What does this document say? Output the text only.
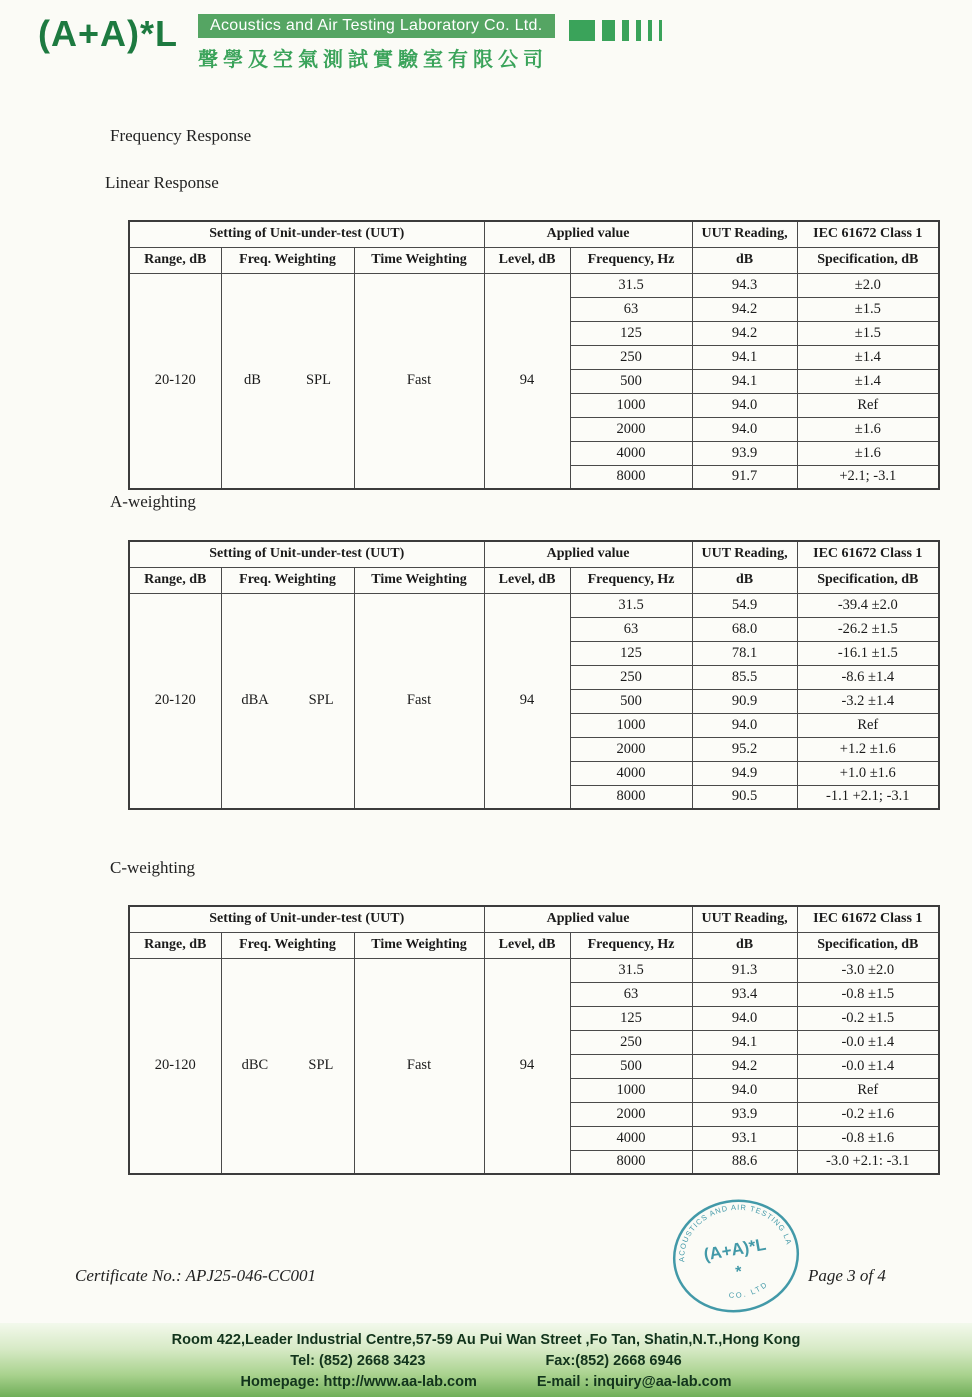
(A+A)*L	Acoustics and Air Testing Laboratory Co. Ltd.
聲學及空氣測試實驗室有限公司
Frequency Response
Linear Response
A-weighting
C-weighting
Setting of Unit-under-test (UUT)			Applied value		UUT Reading,	IEC 61672 Class 1
Range, dB	Freq. Weighting	Time Weighting	Level, dB	Frequency, Hz	dB	Specification, dB
20-120	dB SPL	Fast	94	31.5	94.3	±2.0
				63	94.2	±1.5
				125	94.2	±1.5
				250	94.1	±1.4
				500	94.1	±1.4
				1000	94.0	Ref
				2000	94.0	±1.6
				4000	93.9	±1.6
				8000	91.7	+2.1; -3.1
Setting of Unit-under-test (UUT)			Applied value		UUT Reading,	IEC 61672 Class 1
Range, dB	Freq. Weighting	Time Weighting	Level, dB	Frequency, Hz	dB	Specification, dB
20-120	dBA SPL	Fast	94	31.5	54.9	-39.4 ±2.0
				63	68.0	-26.2 ±1.5
				125	78.1	-16.1 ±1.5
				250	85.5	-8.6 ±1.4
				500	90.9	-3.2 ±1.4
				1000	94.0	Ref
				2000	95.2	+1.2 ±1.6
				4000	94.9	+1.0 ±1.6
				8000	90.5	-1.1 +2.1; -3.1
Setting of Unit-under-test (UUT)			Applied value		UUT Reading,	IEC 61672 Class 1
Range, dB	Freq. Weighting	Time Weighting	Level, dB	Frequency, Hz	dB	Specification, dB
20-120	dBC SPL	Fast	94	31.5	91.3	-3.0 ±2.0
				63	93.4	-0.8 ±1.5
				125	94.0	-0.2 ±1.5
				250	94.1	-0.0 ±1.4
				500	94.2	-0.0 ±1.4
				1000	94.0	Ref
				2000	93.9	-0.2 ±1.6
				4000	93.1	-0.8 ±1.6
				8000	88.6	-3.0 +2.1: -3.1
Certificate No.: APJ25-046-CC001
ACOUSTICS AND AIR TESTING LABORATORY
CO. LTD
(A+A)*L
*	Page 3 of 4
Room 422,Leader Industrial Centre,57-59 Au Pui Wan Street ,Fo Tan, Shatin,N.T.,Hong Kong
Tel: (852) 2668 3423	Fax:(852) 2668 6946
Homepage: http://www.aa-lab.com	E-mail : inquiry@aa-lab.com
